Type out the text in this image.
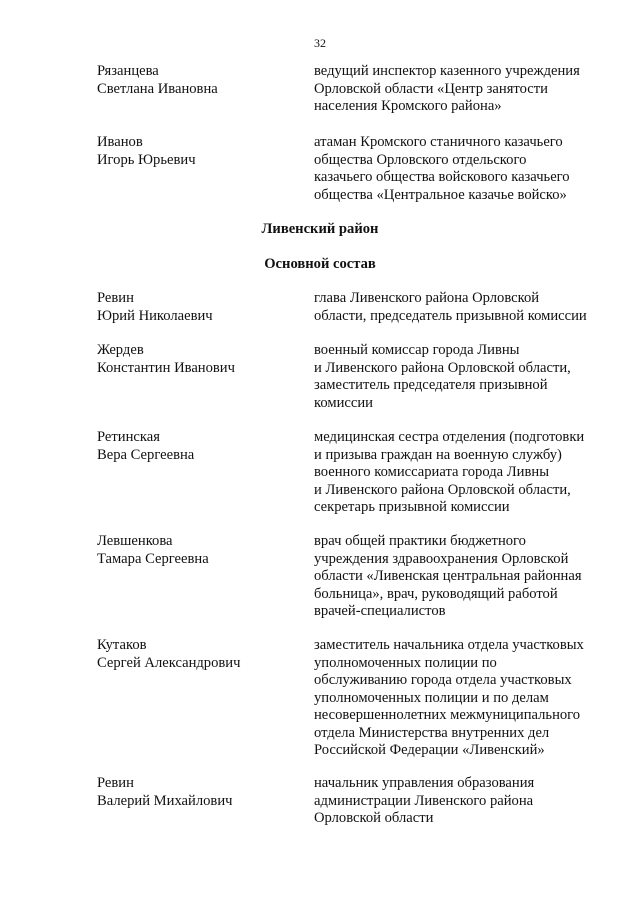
32
Рязанцева
Светлана Ивановна
ведущий инспектор казенного учреждения
Орловской области «Центр занятости
населения Кромского района»
Иванов
Игорь Юрьевич
атаман Кромского станичного казачьего
общества Орловского отдельского
казачьего общества войскового казачьего
общества «Центральное казачье войско»
Ливенский район
Основной состав
Ревин
Юрий Николаевич
глава Ливенского района Орловской
области, председатель призывной комиссии
Жердев
Константин Иванович
военный комиссар города Ливны
и Ливенского района Орловской области,
заместитель председателя призывной
комиссии
Ретинская
Вера Сергеевна
медицинская сестра отделения (подготовки
и призыва граждан на военную службу)
военного комиссариата города Ливны
и Ливенского района Орловской области,
секретарь призывной комиссии
Левшенкова
Тамара Сергеевна
врач общей практики бюджетного
учреждения здравоохранения Орловской
области «Ливенская центральная районная
больница», врач, руководящий работой
врачей-специалистов
Кутаков
Сергей Александрович
заместитель начальника отдела участковых
уполномоченных полиции по
обслуживанию города отдела участковых
уполномоченных полиции и по делам
несовершеннолетних межмуниципального
отдела Министерства внутренних дел
Российской Федерации «Ливенский»
Ревин
Валерий Михайлович
начальник управления образования
администрации Ливенского района
Орловской области
